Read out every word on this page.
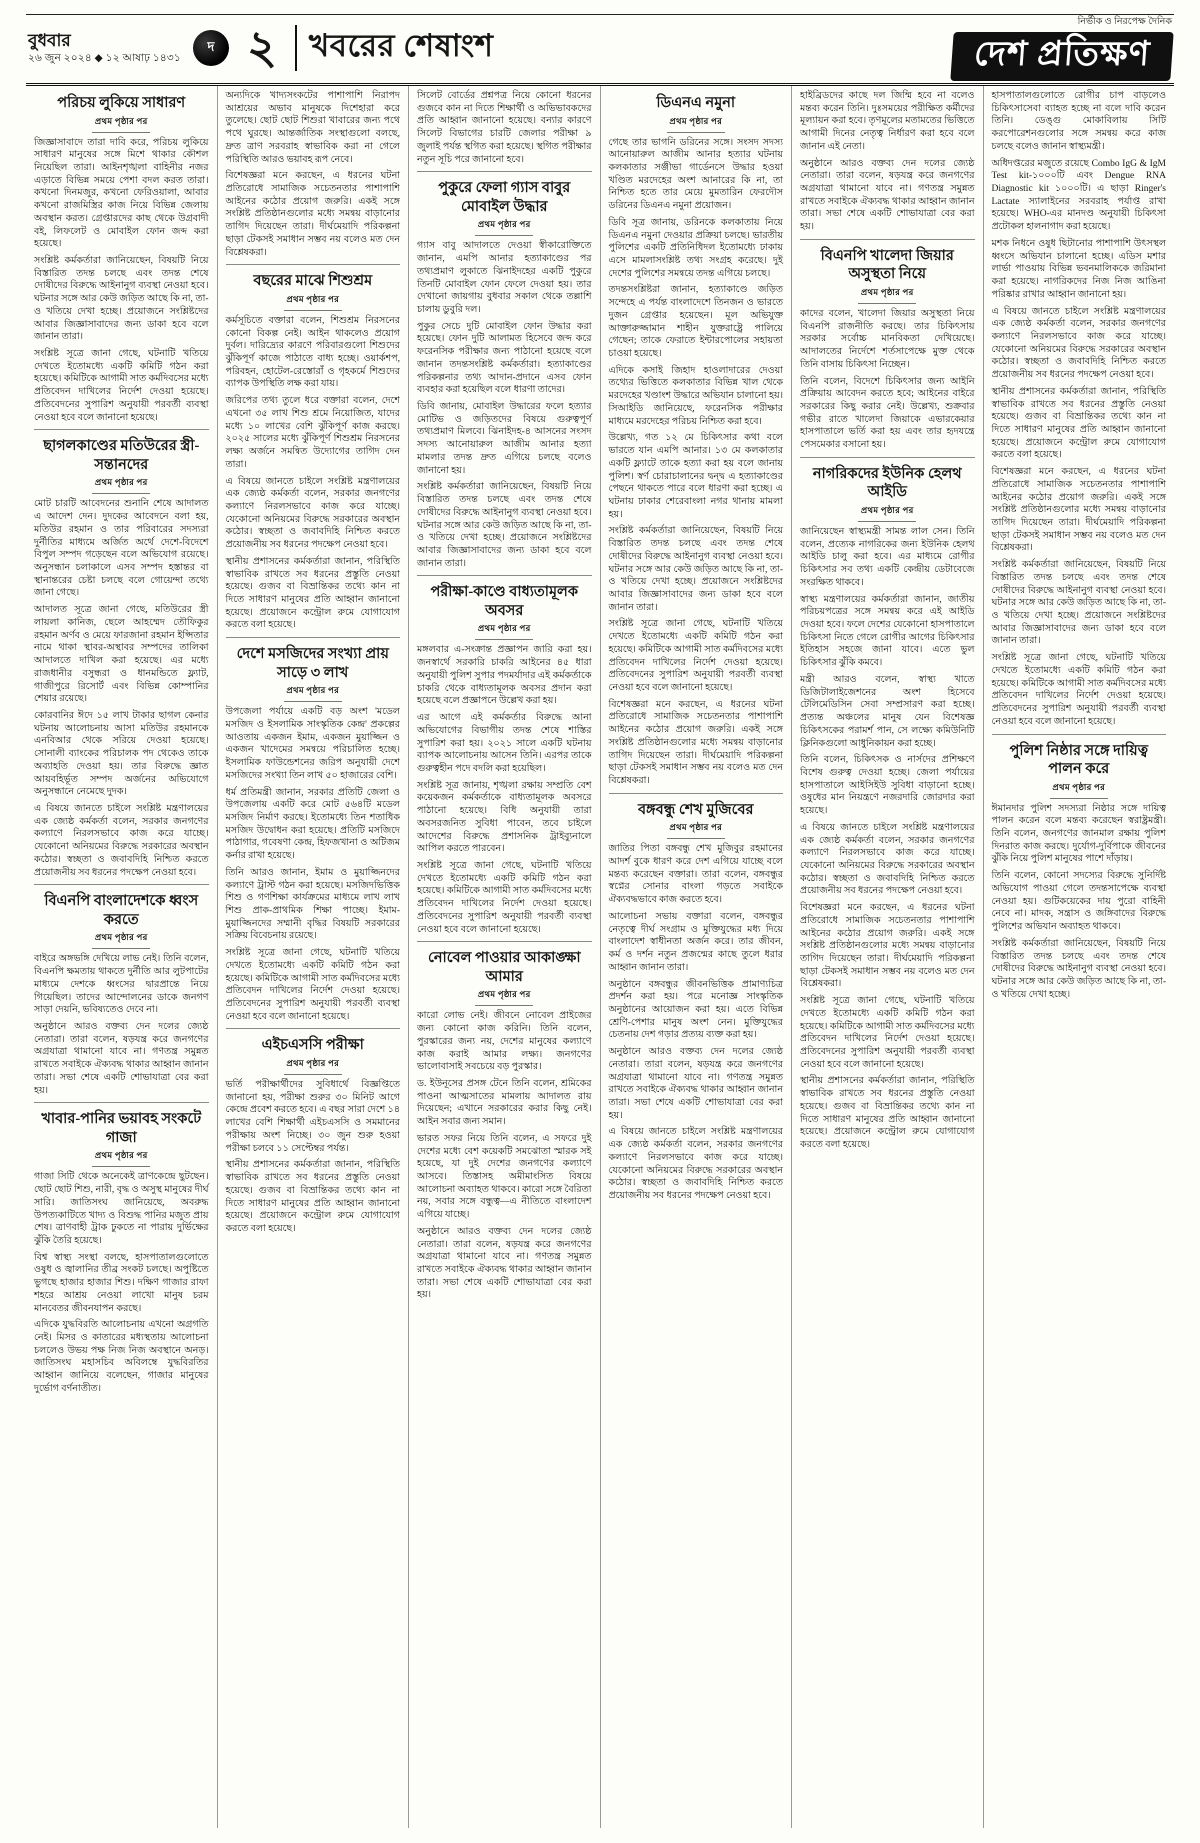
বুধবার
২৬ জুন ২০২৪ ◆ ১২ আষাঢ় ১৪৩১
দ ২ খবরের শেষাংশ
নির্ভীক ও নিরপেক্ষ দৈনিক
দেশ প্রতিক্ষণ
পরিচয় লুকিয়ে সাধারণ
প্রথম পৃষ্ঠার পর

জিজ্ঞাসাবাদে তারা দাবি করে, পরিচয় লুকিয়ে সাধারণ মানুষের সঙ্গে মিশে থাকার কৌশল নিয়েছিল তারা। আইনশৃঙ্খলা বাহিনীর নজর এড়াতে বিভিন্ন সময়ে পেশা বদল করত তারা। কখনো দিনমজুর, কখনো ফেরিওয়ালা, আবার কখনো রাজমিস্ত্রির কাজ নিয়ে বিভিন্ন জেলায় অবস্থান করত। গ্রেপ্তারদের কাছ থেকে উগ্রবাদী বই, লিফলেট ও মোবাইল ফোন জব্দ করা হয়েছে।

সংশ্লিষ্ট কর্মকর্তারা জানিয়েছেন, বিষয়টি নিয়ে বিস্তারিত তদন্ত চলছে এবং তদন্ত শেষে দোষীদের বিরুদ্ধে আইনানুগ ব্যবস্থা নেওয়া হবে। ঘটনার সঙ্গে আর কেউ জড়িত আছে কি না, তা-ও খতিয়ে দেখা হচ্ছে। প্রয়োজনে সংশ্লিষ্টদের আবার জিজ্ঞাসাবাদের জন্য ডাকা হবে বলে জানান তারা।

সংশ্লিষ্ট সূত্রে জানা গেছে, ঘটনাটি খতিয়ে দেখতে ইতোমধ্যে একটি কমিটি গঠন করা হয়েছে। কমিটিকে আগামী সাত কর্মদিবসের মধ্যে প্রতিবেদন দাখিলের নির্দেশ দেওয়া হয়েছে। প্রতিবেদনের সুপারিশ অনুযায়ী পরবর্তী ব্যবস্থা নেওয়া হবে বলে জানানো হয়েছে।

ছাগলকাণ্ডের মতিউরের স্ত্রী-সন্তানদের
প্রথম পৃষ্ঠার পর

মোট চারটি আবেদনের শুনানি শেষে আদালত এ আদেশ দেন। দুদকের আবেদনে বলা হয়, মতিউর রহমান ও তার পরিবারের সদস্যরা দুর্নীতির মাধ্যমে অর্জিত অর্থে দেশে-বিদেশে বিপুল সম্পদ গড়েছেন বলে অভিযোগ রয়েছে। অনুসন্ধান চলাকালে এসব সম্পদ হস্তান্তর বা স্থানান্তরের চেষ্টা চলছে বলে গোয়েন্দা তথ্যে জানা গেছে।

আদালত সূত্রে জানা গেছে, মতিউরের স্ত্রী লায়লা কানিজ, ছেলে আহম্মেদ তৌফিকুর রহমান অর্ণব ও মেয়ে ফারজানা রহমান ইপ্সিতার নামে থাকা স্থাবর-অস্থাবর সম্পদের তালিকা আদালতে দাখিল করা হয়েছে। এর মধ্যে রাজধানীর বসুন্ধরা ও ধানমন্ডিতে ফ্ল্যাট, গাজীপুরে রিসোর্ট এবং বিভিন্ন কোম্পানির শেয়ার রয়েছে।

কোরবানির ঈদে ১৫ লাখ টাকার ছাগল কেনার ঘটনায় আলোচনায় আসা মতিউর রহমানকে এনবিআর থেকে সরিয়ে দেওয়া হয়েছে। সোনালী ব্যাংকের পরিচালক পদ থেকেও তাকে অব্যাহতি দেওয়া হয়। তার বিরুদ্ধে জ্ঞাত আয়বহির্ভূত সম্পদ অর্জনের অভিযোগে অনুসন্ধানে নেমেছে দুদক।

এ বিষয়ে জানতে চাইলে সংশ্লিষ্ট মন্ত্রণালয়ের এক জ্যেষ্ঠ কর্মকর্তা বলেন, সরকার জনগণের কল্যাণে নিরলসভাবে কাজ করে যাচ্ছে। যেকোনো অনিয়মের বিরুদ্ধে সরকারের অবস্থান কঠোর। স্বচ্ছতা ও জবাবদিহি নিশ্চিত করতে প্রয়োজনীয় সব ধরনের পদক্ষেপ নেওয়া হবে।

বিএনপি বাংলাদেশকে ধ্বংস করতে
প্রথম পৃষ্ঠার পর

বাইরে অঙ্গভঙ্গি দেখিয়ে লাভ নেই। তিনি বলেন, বিএনপি ক্ষমতায় থাকতে দুর্নীতি আর লুটপাটের মাধ্যমে দেশকে ধ্বংসের দ্বারপ্রান্তে নিয়ে গিয়েছিল। তাদের আন্দোলনের ডাকে জনগণ সাড়া দেয়নি, ভবিষ্যতেও দেবে না।

অনুষ্ঠানে আরও বক্তব্য দেন দলের জ্যেষ্ঠ নেতারা। তারা বলেন, ষড়যন্ত্র করে জনগণের অগ্রযাত্রা থামানো যাবে না। গণতন্ত্র সমুন্নত রাখতে সবাইকে ঐক্যবদ্ধ থাকার আহ্বান জানান তারা। সভা শেষে একটি শোভাযাত্রা বের করা হয়।

খাবার-পানির ভয়াবহ সংকটে গাজা
প্রথম পৃষ্ঠার পর

গাজা সিটি থেকে অনেকেই ত্রাণকেন্দ্রে ছুটছেন। ছোট ছোট শিশু, নারী, বৃদ্ধ ও অসুস্থ মানুষের দীর্ঘ সারি। জাতিসংঘ জানিয়েছে, অবরুদ্ধ উপত্যকাটিতে খাদ্য ও বিশুদ্ধ পানির মজুত প্রায় শেষ। ত্রাণবাহী ট্রাক ঢুকতে না পারায় দুর্ভিক্ষের ঝুঁকি তৈরি হয়েছে।

বিশ্ব স্বাস্থ্য সংস্থা বলছে, হাসপাতালগুলোতে ওষুধ ও জ্বালানির তীব্র সংকট চলছে। অপুষ্টিতে ভুগছে হাজার হাজার শিশু। দক্ষিণ গাজার রাফা শহরে আশ্রয় নেওয়া লাখো মানুষ চরম মানবেতর জীবনযাপন করছে।

এদিকে যুদ্ধবিরতি আলোচনায় এখনো অগ্রগতি নেই। মিসর ও কাতারের মধ্যস্থতায় আলোচনা চললেও উভয় পক্ষ নিজ নিজ অবস্থানে অনড়। জাতিসংঘ মহাসচিব অবিলম্বে যুদ্ধবিরতির আহ্বান জানিয়ে বলেছেন, গাজার মানুষের দুর্ভোগ বর্ণনাতীত।

অন্যদিকে খাদ্যসংকটের পাশাপাশি নিরাপদ আশ্রয়ের অভাব মানুষকে দিশেহারা করে তুলেছে। ছোট ছোট শিশুরা খাবারের জন্য পথে পথে ঘুরছে। আন্তর্জাতিক সংস্থাগুলো বলছে, দ্রুত ত্রাণ সরবরাহ স্বাভাবিক করা না গেলে পরিস্থিতি আরও ভয়াবহ রূপ নেবে।

বিশেষজ্ঞরা মনে করছেন, এ ধরনের ঘটনা প্রতিরোধে সামাজিক সচেতনতার পাশাপাশি আইনের কঠোর প্রয়োগ জরুরি। একই সঙ্গে সংশ্লিষ্ট প্রতিষ্ঠানগুলোর মধ্যে সমন্বয় বাড়ানোর তাগিদ দিয়েছেন তারা। দীর্ঘমেয়াদি পরিকল্পনা ছাড়া টেকসই সমাধান সম্ভব নয় বলেও মত দেন বিশ্লেষকরা।

বছরের মাঝে শিশুশ্রম
প্রথম পৃষ্ঠার পর

কর্মসূচিতে বক্তারা বলেন, শিশুশ্রম নিরসনের কোনো বিকল্প নেই। আইন থাকলেও প্রয়োগ দুর্বল। দারিদ্র্যের কারণে পরিবারগুলো শিশুদের ঝুঁকিপূর্ণ কাজে পাঠাতে বাধ্য হচ্ছে। ওয়ার্কশপ, পরিবহন, হোটেল-রেস্তোরাঁ ও গৃহকর্মে শিশুদের ব্যাপক উপস্থিতি লক্ষ করা যায়।

জরিপের তথ্য তুলে ধরে বক্তারা বলেন, দেশে এখনো ৩৫ লাখ শিশু শ্রমে নিয়োজিত, যাদের মধ্যে ১০ লাখের বেশি ঝুঁকিপূর্ণ কাজ করছে। ২০২৫ সালের মধ্যে ঝুঁকিপূর্ণ শিশুশ্রম নিরসনের লক্ষ্য অর্জনে সমন্বিত উদ্যোগের তাগিদ দেন তারা।

এ বিষয়ে জানতে চাইলে সংশ্লিষ্ট মন্ত্রণালয়ের এক জ্যেষ্ঠ কর্মকর্তা বলেন, সরকার জনগণের কল্যাণে নিরলসভাবে কাজ করে যাচ্ছে। যেকোনো অনিয়মের বিরুদ্ধে সরকারের অবস্থান কঠোর। স্বচ্ছতা ও জবাবদিহি নিশ্চিত করতে প্রয়োজনীয় সব ধরনের পদক্ষেপ নেওয়া হবে।

স্থানীয় প্রশাসনের কর্মকর্তারা জানান, পরিস্থিতি স্বাভাবিক রাখতে সব ধরনের প্রস্তুতি নেওয়া হয়েছে। গুজব বা বিভ্রান্তিকর তথ্যে কান না দিতে সাধারণ মানুষের প্রতি আহ্বান জানানো হয়েছে। প্রয়োজনে কন্ট্রোল রুমে যোগাযোগ করতে বলা হয়েছে।

দেশে মসজিদের সংখ্যা প্রায় সাড়ে ৩ লাখ
প্রথম পৃষ্ঠার পর

উপজেলা পর্যায়ে একটি বড় অংশ 'মডেল মসজিদ ও ইসলামিক সাংস্কৃতিক কেন্দ্র' প্রকল্পের আওতায় একজন ইমাম, একজন মুয়াজ্জিন ও একজন খাদেমের সমন্বয়ে পরিচালিত হচ্ছে। ইসলামিক ফাউন্ডেশনের জরিপ অনুযায়ী দেশে মসজিদের সংখ্যা তিন লাখ ৫০ হাজারের বেশি।

ধর্ম প্রতিমন্ত্রী জানান, সরকার প্রতিটি জেলা ও উপজেলায় একটি করে মোট ৫৬৪টি মডেল মসজিদ নির্মাণ করছে। ইতোমধ্যে তিন শতাধিক মসজিদ উদ্বোধন করা হয়েছে। প্রতিটি মসজিদে পাঠাগার, গবেষণা কেন্দ্র, হিফজখানা ও অটিজম কর্নার রাখা হয়েছে।

তিনি আরও জানান, ইমাম ও মুয়াজ্জিনদের কল্যাণে ট্রাস্ট গঠন করা হয়েছে। মসজিদভিত্তিক শিশু ও গণশিক্ষা কার্যক্রমের মাধ্যমে লাখ লাখ শিশু প্রাক-প্রাথমিক শিক্ষা পাচ্ছে। ইমাম-মুয়াজ্জিনদের সম্মানী বৃদ্ধির বিষয়টি সরকারের সক্রিয় বিবেচনায় রয়েছে।

সংশ্লিষ্ট সূত্রে জানা গেছে, ঘটনাটি খতিয়ে দেখতে ইতোমধ্যে একটি কমিটি গঠন করা হয়েছে। কমিটিকে আগামী সাত কর্মদিবসের মধ্যে প্রতিবেদন দাখিলের নির্দেশ দেওয়া হয়েছে। প্রতিবেদনের সুপারিশ অনুযায়ী পরবর্তী ব্যবস্থা নেওয়া হবে বলে জানানো হয়েছে।

এইচএসসি পরীক্ষা
প্রথম পৃষ্ঠার পর

ভর্তি পরীক্ষার্থীদের সুবিধার্থে বিজ্ঞপ্তিতে জানানো হয়, পরীক্ষা শুরুর ৩০ মিনিট আগে কেন্দ্রে প্রবেশ করতে হবে। এ বছর সারা দেশে ১৪ লাখের বেশি শিক্ষার্থী এইচএসসি ও সমমানের পরীক্ষায় অংশ নিচ্ছে। ৩০ জুন শুরু হওয়া পরীক্ষা চলবে ১১ সেপ্টেম্বর পর্যন্ত।

স্থানীয় প্রশাসনের কর্মকর্তারা জানান, পরিস্থিতি স্বাভাবিক রাখতে সব ধরনের প্রস্তুতি নেওয়া হয়েছে। গুজব বা বিভ্রান্তিকর তথ্যে কান না দিতে সাধারণ মানুষের প্রতি আহ্বান জানানো হয়েছে। প্রয়োজনে কন্ট্রোল রুমে যোগাযোগ করতে বলা হয়েছে।

সিলেট বোর্ডের প্রশ্নপত্র নিয়ে কোনো ধরনের গুজবে কান না দিতে শিক্ষার্থী ও অভিভাবকদের প্রতি আহ্বান জানানো হয়েছে। বন্যার কারণে সিলেট বিভাগের চারটি জেলার পরীক্ষা ৯ জুলাই পর্যন্ত স্থগিত করা হয়েছে। স্থগিত পরীক্ষার নতুন সূচি পরে জানানো হবে।

পুকুরে ফেলা গ্যাস বাবুর মোবাইল উদ্ধার
প্রথম পৃষ্ঠার পর

গ্যাস বাবু আদালতে দেওয়া স্বীকারোক্তিতে জানান, এমপি আনার হত্যাকাণ্ডের পর তথ্যপ্রমাণ লুকাতে ঝিনাইদহের একটি পুকুরে তিনটি মোবাইল ফোন ফেলে দেওয়া হয়। তার দেখানো জায়গায় বুধবার সকাল থেকে তল্লাশি চালায় ডুবুরি দল।

পুকুর সেচে দুটি মোবাইল ফোন উদ্ধার করা হয়েছে। ফোন দুটি আলামত হিসেবে জব্দ করে ফরেনসিক পরীক্ষার জন্য পাঠানো হয়েছে বলে জানান তদন্তসংশ্লিষ্ট কর্মকর্তারা। হত্যাকাণ্ডের পরিকল্পনার তথ্য আদান-প্রদানে এসব ফোন ব্যবহার করা হয়েছিল বলে ধারণা তাদের।

ডিবি জানায়, মোবাইল উদ্ধারের ফলে হত্যার মোটিভ ও জড়িতদের বিষয়ে গুরুত্বপূর্ণ তথ্যপ্রমাণ মিলবে। ঝিনাইদহ-৪ আসনের সংসদ সদস্য আনোয়ারুল আজীম আনার হত্যা মামলার তদন্ত দ্রুত এগিয়ে চলছে বলেও জানানো হয়।

সংশ্লিষ্ট কর্মকর্তারা জানিয়েছেন, বিষয়টি নিয়ে বিস্তারিত তদন্ত চলছে এবং তদন্ত শেষে দোষীদের বিরুদ্ধে আইনানুগ ব্যবস্থা নেওয়া হবে। ঘটনার সঙ্গে আর কেউ জড়িত আছে কি না, তা-ও খতিয়ে দেখা হচ্ছে। প্রয়োজনে সংশ্লিষ্টদের আবার জিজ্ঞাসাবাদের জন্য ডাকা হবে বলে জানান তারা।

পরীক্ষা-কাণ্ডে বাধ্যতামূলক অবসর
প্রথম পৃষ্ঠার পর

মঙ্গলবার এ-সংক্রান্ত প্রজ্ঞাপন জারি করা হয়। জনস্বার্থে সরকারি চাকরি আইনের ৪৫ ধারা অনুযায়ী পুলিশ সুপার পদমর্যাদার এই কর্মকর্তাকে চাকরি থেকে বাধ্যতামূলক অবসর প্রদান করা হয়েছে বলে প্রজ্ঞাপনে উল্লেখ করা হয়।

এর আগে এই কর্মকর্তার বিরুদ্ধে আনা অভিযোগের বিভাগীয় তদন্ত শেষে শাস্তির সুপারিশ করা হয়। ২০২১ সালে একটি ঘটনায় ব্যাপক আলোচনায় আসেন তিনি। এরপর তাকে গুরুত্বহীন পদে বদলি করা হয়েছিল।

সংশ্লিষ্ট সূত্র জানায়, শৃঙ্খলা রক্ষায় সম্প্রতি বেশ কয়েকজন কর্মকর্তাকে বাধ্যতামূলক অবসরে পাঠানো হয়েছে। বিধি অনুযায়ী তারা অবসরজনিত সুবিধা পাবেন, তবে চাইলে আদেশের বিরুদ্ধে প্রশাসনিক ট্রাইব্যুনালে আপিল করতে পারবেন।

সংশ্লিষ্ট সূত্রে জানা গেছে, ঘটনাটি খতিয়ে দেখতে ইতোমধ্যে একটি কমিটি গঠন করা হয়েছে। কমিটিকে আগামী সাত কর্মদিবসের মধ্যে প্রতিবেদন দাখিলের নির্দেশ দেওয়া হয়েছে। প্রতিবেদনের সুপারিশ অনুযায়ী পরবর্তী ব্যবস্থা নেওয়া হবে বলে জানানো হয়েছে।

নোবেল পাওয়ার আকাঙ্ক্ষা আমার
প্রথম পৃষ্ঠার পর

কারো লোভ নেই। জীবনে নোবেল প্রাইজের জন্য কোনো কাজ করিনি। তিনি বলেন, পুরস্কারের জন্য নয়, দেশের মানুষের কল্যাণে কাজ করাই আমার লক্ষ্য। জনগণের ভালোবাসাই সবচেয়ে বড় পুরস্কার।

ড. ইউনূসের প্রসঙ্গ টেনে তিনি বলেন, শ্রমিকের পাওনা আত্মসাতের মামলায় আদালত রায় দিয়েছেন; এখানে সরকারের করার কিছু নেই। আইন সবার জন্য সমান।

ভারত সফর নিয়ে তিনি বলেন, এ সফরে দুই দেশের মধ্যে বেশ কয়েকটি সমঝোতা স্মারক সই হয়েছে, যা দুই দেশের জনগণের কল্যাণে আসবে। তিস্তাসহ অমীমাংসিত বিষয়ে আলোচনা অব্যাহত থাকবে। কারো সঙ্গে বৈরিতা নয়, সবার সঙ্গে বন্ধুত্ব—এ নীতিতে বাংলাদেশ এগিয়ে যাচ্ছে।

অনুষ্ঠানে আরও বক্তব্য দেন দলের জ্যেষ্ঠ নেতারা। তারা বলেন, ষড়যন্ত্র করে জনগণের অগ্রযাত্রা থামানো যাবে না। গণতন্ত্র সমুন্নত রাখতে সবাইকে ঐক্যবদ্ধ থাকার আহ্বান জানান তারা। সভা শেষে একটি শোভাযাত্রা বের করা হয়।

ডিএনএ নমুনা
প্রথম পৃষ্ঠার পর

গেছে তার ভাগনি ডরিনের সঙ্গে। সংসদ সদস্য আনোয়ারুল আজীম আনার হত্যার ঘটনায় কলকাতার সঞ্জীভা গার্ডেনসে উদ্ধার হওয়া খণ্ডিত মরদেহের অংশ আনারের কি না, তা নিশ্চিত হতে তার মেয়ে মুমতারিন ফেরদৌস ডরিনের ডিএনএ নমুনা প্রয়োজন।

ডিবি সূত্র জানায়, ডরিনকে কলকাতায় নিয়ে ডিএনএ নমুনা দেওয়ার প্রক্রিয়া চলছে। ভারতীয় পুলিশের একটি প্রতিনিধিদল ইতোমধ্যে ঢাকায় এসে মামলাসংশ্লিষ্ট তথ্য সংগ্রহ করেছে। দুই দেশের পুলিশের সমন্বয়ে তদন্ত এগিয়ে চলছে।

তদন্তসংশ্লিষ্টরা জানান, হত্যাকাণ্ডে জড়িত সন্দেহে এ পর্যন্ত বাংলাদেশে তিনজন ও ভারতে দুজন গ্রেপ্তার হয়েছেন। মূল অভিযুক্ত আক্তারুজ্জামান শাহীন যুক্তরাষ্ট্রে পালিয়ে গেছেন; তাকে ফেরাতে ইন্টারপোলের সহায়তা চাওয়া হয়েছে।

এদিকে কসাই জিহাদ হাওলাদারের দেওয়া তথ্যের ভিত্তিতে কলকাতার বিভিন্ন খাল থেকে মরদেহের খণ্ডাংশ উদ্ধারে অভিযান চালানো হয়। সিআইডি জানিয়েছে, ফরেনসিক পরীক্ষার মাধ্যমে মরদেহের পরিচয় নিশ্চিত করা হবে।

উল্লেখ্য, গত ১২ মে চিকিৎসার কথা বলে ভারতে যান এমপি আনার। ১৩ মে কলকাতার একটি ফ্ল্যাটে তাকে হত্যা করা হয় বলে জানায় পুলিশ। স্বর্ণ চোরাচালানের দ্বন্দ্ব এ হত্যাকাণ্ডের পেছনে থাকতে পারে বলে ধারণা করা হচ্ছে। এ ঘটনায় ঢাকার শেরেবাংলা নগর থানায় মামলা হয়।

সংশ্লিষ্ট কর্মকর্তারা জানিয়েছেন, বিষয়টি নিয়ে বিস্তারিত তদন্ত চলছে এবং তদন্ত শেষে দোষীদের বিরুদ্ধে আইনানুগ ব্যবস্থা নেওয়া হবে। ঘটনার সঙ্গে আর কেউ জড়িত আছে কি না, তা-ও খতিয়ে দেখা হচ্ছে। প্রয়োজনে সংশ্লিষ্টদের আবার জিজ্ঞাসাবাদের জন্য ডাকা হবে বলে জানান তারা।

সংশ্লিষ্ট সূত্রে জানা গেছে, ঘটনাটি খতিয়ে দেখতে ইতোমধ্যে একটি কমিটি গঠন করা হয়েছে। কমিটিকে আগামী সাত কর্মদিবসের মধ্যে প্রতিবেদন দাখিলের নির্দেশ দেওয়া হয়েছে। প্রতিবেদনের সুপারিশ অনুযায়ী পরবর্তী ব্যবস্থা নেওয়া হবে বলে জানানো হয়েছে।

বিশেষজ্ঞরা মনে করছেন, এ ধরনের ঘটনা প্রতিরোধে সামাজিক সচেতনতার পাশাপাশি আইনের কঠোর প্রয়োগ জরুরি। একই সঙ্গে সংশ্লিষ্ট প্রতিষ্ঠানগুলোর মধ্যে সমন্বয় বাড়ানোর তাগিদ দিয়েছেন তারা। দীর্ঘমেয়াদি পরিকল্পনা ছাড়া টেকসই সমাধান সম্ভব নয় বলেও মত দেন বিশ্লেষকরা।

বঙ্গবন্ধু শেখ মুজিবের
প্রথম পৃষ্ঠার পর

জাতির পিতা বঙ্গবন্ধু শেখ মুজিবুর রহমানের আদর্শ বুকে ধারণ করে দেশ এগিয়ে যাচ্ছে বলে মন্তব্য করেছেন বক্তারা। তারা বলেন, বঙ্গবন্ধুর স্বপ্নের সোনার বাংলা গড়তে সবাইকে ঐক্যবদ্ধভাবে কাজ করতে হবে।

আলোচনা সভায় বক্তারা বলেন, বঙ্গবন্ধুর নেতৃত্বে দীর্ঘ সংগ্রাম ও মুক্তিযুদ্ধের মধ্য দিয়ে বাংলাদেশ স্বাধীনতা অর্জন করে। তার জীবন, কর্ম ও দর্শন নতুন প্রজন্মের কাছে তুলে ধরার আহ্বান জানান তারা।

অনুষ্ঠানে বঙ্গবন্ধুর জীবনভিত্তিক প্রামাণ্যচিত্র প্রদর্শন করা হয়। পরে মনোজ্ঞ সাংস্কৃতিক অনুষ্ঠানের আয়োজন করা হয়। এতে বিভিন্ন শ্রেণি-পেশার মানুষ অংশ নেন। মুক্তিযুদ্ধের চেতনায় দেশ গড়ার প্রত্যয় ব্যক্ত করা হয়।

অনুষ্ঠানে আরও বক্তব্য দেন দলের জ্যেষ্ঠ নেতারা। তারা বলেন, ষড়যন্ত্র করে জনগণের অগ্রযাত্রা থামানো যাবে না। গণতন্ত্র সমুন্নত রাখতে সবাইকে ঐক্যবদ্ধ থাকার আহ্বান জানান তারা। সভা শেষে একটি শোভাযাত্রা বের করা হয়।

এ বিষয়ে জানতে চাইলে সংশ্লিষ্ট মন্ত্রণালয়ের এক জ্যেষ্ঠ কর্মকর্তা বলেন, সরকার জনগণের কল্যাণে নিরলসভাবে কাজ করে যাচ্ছে। যেকোনো অনিয়মের বিরুদ্ধে সরকারের অবস্থান কঠোর। স্বচ্ছতা ও জবাবদিহি নিশ্চিত করতে প্রয়োজনীয় সব ধরনের পদক্ষেপ নেওয়া হবে।

হাইব্রিডদের কাছে দল জিম্মি হবে না বলেও মন্তব্য করেন তিনি। দুঃসময়ের পরীক্ষিত কর্মীদের মূল্যায়ন করা হবে। তৃণমূলের মতামতের ভিত্তিতে আগামী দিনের নেতৃত্ব নির্ধারণ করা হবে বলে জানান এই নেতা।

অনুষ্ঠানে আরও বক্তব্য দেন দলের জ্যেষ্ঠ নেতারা। তারা বলেন, ষড়যন্ত্র করে জনগণের অগ্রযাত্রা থামানো যাবে না। গণতন্ত্র সমুন্নত রাখতে সবাইকে ঐক্যবদ্ধ থাকার আহ্বান জানান তারা। সভা শেষে একটি শোভাযাত্রা বের করা হয়।

বিএনপি খালেদা জিয়ার অসুস্থতা নিয়ে
প্রথম পৃষ্ঠার পর

কাদের বলেন, খালেদা জিয়ার অসুস্থতা নিয়ে বিএনপি রাজনীতি করছে। তার চিকিৎসায় সরকার সর্বোচ্চ মানবিকতা দেখিয়েছে। আদালতের নির্দেশে শর্তসাপেক্ষে মুক্ত থেকে তিনি বাসায় চিকিৎসা নিচ্ছেন।

তিনি বলেন, বিদেশে চিকিৎসার জন্য আইনি প্রক্রিয়ায় আবেদন করতে হবে; আইনের বাইরে সরকারের কিছু করার নেই। উল্লেখ্য, শুক্রবার গভীর রাতে খালেদা জিয়াকে এভারকেয়ার হাসপাতালে ভর্তি করা হয় এবং তার হৃদযন্ত্রে পেসমেকার বসানো হয়।

নাগরিকদের ইউনিক হেলথ আইডি
প্রথম পৃষ্ঠার পর

জানিয়েছেন স্বাস্থ্যমন্ত্রী সামন্ত লাল সেন। তিনি বলেন, প্রত্যেক নাগরিকের জন্য ইউনিক হেলথ আইডি চালু করা হবে। এর মাধ্যমে রোগীর চিকিৎসার সব তথ্য একটি কেন্দ্রীয় ডেটাবেজে সংরক্ষিত থাকবে।

স্বাস্থ্য মন্ত্রণালয়ের কর্মকর্তারা জানান, জাতীয় পরিচয়পত্রের সঙ্গে সমন্বয় করে এই আইডি দেওয়া হবে। ফলে দেশের যেকোনো হাসপাতালে চিকিৎসা নিতে গেলে রোগীর আগের চিকিৎসার ইতিহাস সহজে জানা যাবে। এতে ভুল চিকিৎসার ঝুঁকি কমবে।

মন্ত্রী আরও বলেন, স্বাস্থ্য খাতে ডিজিটালাইজেশনের অংশ হিসেবে টেলিমেডিসিন সেবা সম্প্রসারণ করা হচ্ছে। প্রত্যন্ত অঞ্চলের মানুষ যেন বিশেষজ্ঞ চিকিৎসকের পরামর্শ পান, সে লক্ষ্যে কমিউনিটি ক্লিনিকগুলো আধুনিকায়ন করা হচ্ছে।

তিনি বলেন, চিকিৎসক ও নার্সদের প্রশিক্ষণে বিশেষ গুরুত্ব দেওয়া হচ্ছে। জেলা পর্যায়ের হাসপাতালে আইসিইউ সুবিধা বাড়ানো হচ্ছে। ওষুধের মান নিয়ন্ত্রণে নজরদারি জোরদার করা হয়েছে।

এ বিষয়ে জানতে চাইলে সংশ্লিষ্ট মন্ত্রণালয়ের এক জ্যেষ্ঠ কর্মকর্তা বলেন, সরকার জনগণের কল্যাণে নিরলসভাবে কাজ করে যাচ্ছে। যেকোনো অনিয়মের বিরুদ্ধে সরকারের অবস্থান কঠোর। স্বচ্ছতা ও জবাবদিহি নিশ্চিত করতে প্রয়োজনীয় সব ধরনের পদক্ষেপ নেওয়া হবে।

বিশেষজ্ঞরা মনে করছেন, এ ধরনের ঘটনা প্রতিরোধে সামাজিক সচেতনতার পাশাপাশি আইনের কঠোর প্রয়োগ জরুরি। একই সঙ্গে সংশ্লিষ্ট প্রতিষ্ঠানগুলোর মধ্যে সমন্বয় বাড়ানোর তাগিদ দিয়েছেন তারা। দীর্ঘমেয়াদি পরিকল্পনা ছাড়া টেকসই সমাধান সম্ভব নয় বলেও মত দেন বিশ্লেষকরা।

সংশ্লিষ্ট সূত্রে জানা গেছে, ঘটনাটি খতিয়ে দেখতে ইতোমধ্যে একটি কমিটি গঠন করা হয়েছে। কমিটিকে আগামী সাত কর্মদিবসের মধ্যে প্রতিবেদন দাখিলের নির্দেশ দেওয়া হয়েছে। প্রতিবেদনের সুপারিশ অনুযায়ী পরবর্তী ব্যবস্থা নেওয়া হবে বলে জানানো হয়েছে।

স্থানীয় প্রশাসনের কর্মকর্তারা জানান, পরিস্থিতি স্বাভাবিক রাখতে সব ধরনের প্রস্তুতি নেওয়া হয়েছে। গুজব বা বিভ্রান্তিকর তথ্যে কান না দিতে সাধারণ মানুষের প্রতি আহ্বান জানানো হয়েছে। প্রয়োজনে কন্ট্রোল রুমে যোগাযোগ করতে বলা হয়েছে।

হাসপাতালগুলোতে রোগীর চাপ বাড়লেও চিকিৎসাসেবা ব্যাহত হচ্ছে না বলে দাবি করেন তিনি। ডেঙ্গু মোকাবিলায় সিটি করপোরেশনগুলোর সঙ্গে সমন্বয় করে কাজ চলছে বলেও জানান স্বাস্থ্যমন্ত্রী।

অধিদপ্তরের মজুতে রয়েছে Combo IgG & IgM Test kit-১০০০টি এবং Dengue RNA Diagnostic kit ১০০০টি। এ ছাড়া Ringer's Lactate স্যালাইনের সরবরাহ পর্যাপ্ত রাখা হয়েছে। WHO-এর মানদণ্ড অনুযায়ী চিকিৎসা প্রটোকল হালনাগাদ করা হয়েছে।

মশক নিধনে ওষুধ ছিটানোর পাশাপাশি উৎসস্থল ধ্বংসে অভিযান চালানো হচ্ছে। এডিস মশার লার্ভা পাওয়ায় বিভিন্ন ভবনমালিককে জরিমানা করা হয়েছে। নাগরিকদের নিজ নিজ আঙিনা পরিষ্কার রাখার আহ্বান জানানো হয়।

এ বিষয়ে জানতে চাইলে সংশ্লিষ্ট মন্ত্রণালয়ের এক জ্যেষ্ঠ কর্মকর্তা বলেন, সরকার জনগণের কল্যাণে নিরলসভাবে কাজ করে যাচ্ছে। যেকোনো অনিয়মের বিরুদ্ধে সরকারের অবস্থান কঠোর। স্বচ্ছতা ও জবাবদিহি নিশ্চিত করতে প্রয়োজনীয় সব ধরনের পদক্ষেপ নেওয়া হবে।

স্থানীয় প্রশাসনের কর্মকর্তারা জানান, পরিস্থিতি স্বাভাবিক রাখতে সব ধরনের প্রস্তুতি নেওয়া হয়েছে। গুজব বা বিভ্রান্তিকর তথ্যে কান না দিতে সাধারণ মানুষের প্রতি আহ্বান জানানো হয়েছে। প্রয়োজনে কন্ট্রোল রুমে যোগাযোগ করতে বলা হয়েছে।

বিশেষজ্ঞরা মনে করছেন, এ ধরনের ঘটনা প্রতিরোধে সামাজিক সচেতনতার পাশাপাশি আইনের কঠোর প্রয়োগ জরুরি। একই সঙ্গে সংশ্লিষ্ট প্রতিষ্ঠানগুলোর মধ্যে সমন্বয় বাড়ানোর তাগিদ দিয়েছেন তারা। দীর্ঘমেয়াদি পরিকল্পনা ছাড়া টেকসই সমাধান সম্ভব নয় বলেও মত দেন বিশ্লেষকরা।

সংশ্লিষ্ট কর্মকর্তারা জানিয়েছেন, বিষয়টি নিয়ে বিস্তারিত তদন্ত চলছে এবং তদন্ত শেষে দোষীদের বিরুদ্ধে আইনানুগ ব্যবস্থা নেওয়া হবে। ঘটনার সঙ্গে আর কেউ জড়িত আছে কি না, তা-ও খতিয়ে দেখা হচ্ছে। প্রয়োজনে সংশ্লিষ্টদের আবার জিজ্ঞাসাবাদের জন্য ডাকা হবে বলে জানান তারা।

সংশ্লিষ্ট সূত্রে জানা গেছে, ঘটনাটি খতিয়ে দেখতে ইতোমধ্যে একটি কমিটি গঠন করা হয়েছে। কমিটিকে আগামী সাত কর্মদিবসের মধ্যে প্রতিবেদন দাখিলের নির্দেশ দেওয়া হয়েছে। প্রতিবেদনের সুপারিশ অনুযায়ী পরবর্তী ব্যবস্থা নেওয়া হবে বলে জানানো হয়েছে।

পুলিশ নিষ্ঠার সঙ্গে দায়িত্ব পালন করে
প্রথম পৃষ্ঠার পর

ঈমানদার পুলিশ সদস্যরা নিষ্ঠার সঙ্গে দায়িত্ব পালন করেন বলে মন্তব্য করেছেন স্বরাষ্ট্রমন্ত্রী। তিনি বলেন, জনগণের জানমাল রক্ষায় পুলিশ দিনরাত কাজ করছে। দুর্যোগ-দুর্বিপাকে জীবনের ঝুঁকি নিয়ে পুলিশ মানুষের পাশে দাঁড়ায়।

তিনি বলেন, কোনো সদস্যের বিরুদ্ধে সুনির্দিষ্ট অভিযোগ পাওয়া গেলে তদন্তসাপেক্ষে ব্যবস্থা নেওয়া হয়। গুটিকয়েকের দায় পুরো বাহিনী নেবে না। মাদক, সন্ত্রাস ও জঙ্গিবাদের বিরুদ্ধে পুলিশের অভিযান অব্যাহত থাকবে।

সংশ্লিষ্ট কর্মকর্তারা জানিয়েছেন, বিষয়টি নিয়ে বিস্তারিত তদন্ত চলছে এবং তদন্ত শেষে দোষীদের বিরুদ্ধে আইনানুগ ব্যবস্থা নেওয়া হবে। ঘটনার সঙ্গে আর কেউ জড়িত আছে কি না, তা-ও খতিয়ে দেখা হচ্ছে।
